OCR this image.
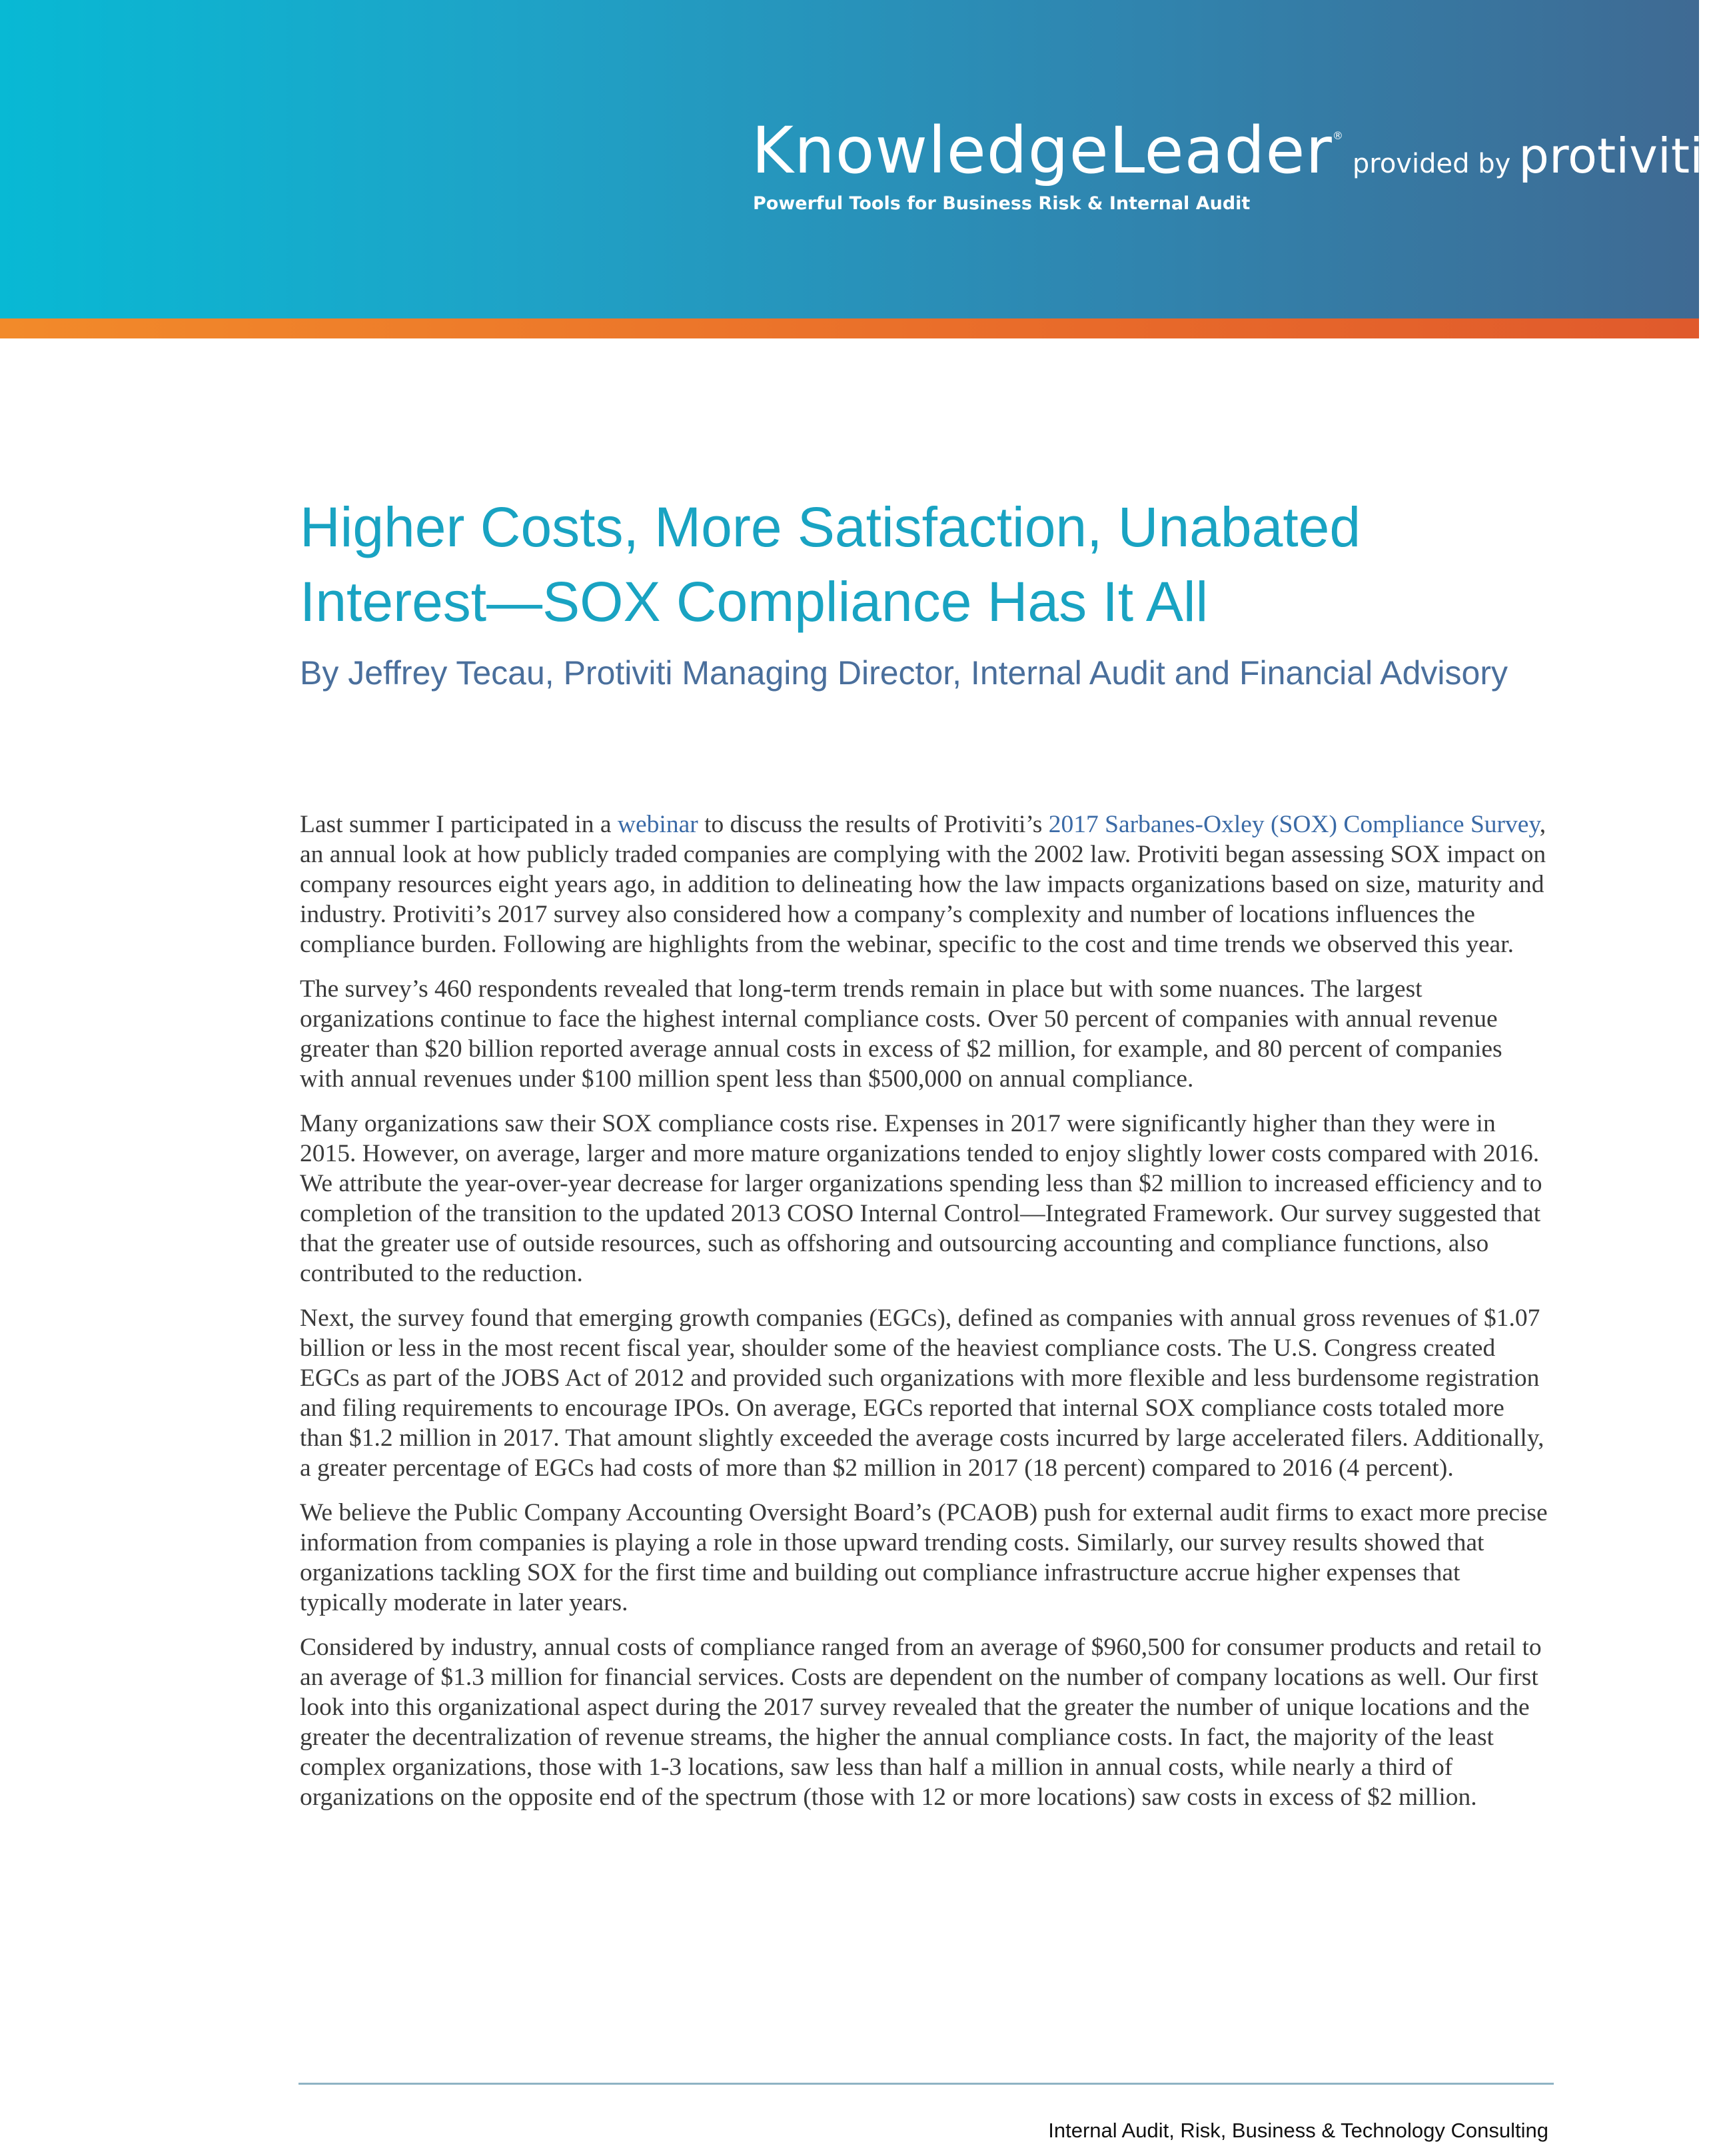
KnowledgeLeader®provided by protiviti®
Powerful Tools for Business Risk & Internal Audit
Higher Costs, More Satisfaction, Unabated
Interest—SOX Compliance Has It All
By Jeffrey Tecau, Protiviti Managing Director, Internal Audit and Financial Advisory

Last summer I participated in a webinar to discuss the results of Protiviti’s 2017 Sarbanes-Oxley (SOX) Compliance Survey, an annual look at how publicly traded companies are complying with the 2002 law. Protiviti began assessing SOX impact on company resources eight years ago, in addition to delineating how the law impacts organizations based on size, maturity and industry. Protiviti’s 2017 survey also considered how a company’s complexity and number of locations influences the compliance burden. Following are highlights from the webinar, specific to the cost and time trends we observed this year.

The survey’s 460 respondents revealed that long-term trends remain in place but with some nuances. The largest organizations continue to face the highest internal compliance costs. Over 50 percent of companies with annual revenue greater than $20 billion reported average annual costs in excess of $2 million, for example, and 80 percent of companies with annual revenues under $100 million spent less than $500,000 on annual compliance.

Many organizations saw their SOX compliance costs rise. Expenses in 2017 were significantly higher than they were in 2015. However, on average, larger and more mature organizations tended to enjoy slightly lower costs compared with 2016. We attribute the year-over-year decrease for larger organizations spending less than $2 million to increased efficiency and to completion of the transition to the updated 2013 COSO Internal Control—Integrated Framework. Our survey suggested that that the greater use of outside resources, such as offshoring and outsourcing accounting and compliance functions, also contributed to the reduction.

Next, the survey found that emerging growth companies (EGCs), defined as companies with annual gross revenues of $1.07 billion or less in the most recent fiscal year, shoulder some of the heaviest compliance costs. The U.S. Congress created EGCs as part of the JOBS Act of 2012 and provided such organizations with more flexible and less burdensome registration and filing requirements to encourage IPOs. On average, EGCs reported that internal SOX compliance costs totaled more than $1.2 million in 2017. That amount slightly exceeded the average costs incurred by large accelerated filers. Additionally, a greater percentage of EGCs had costs of more than $2 million in 2017 (18 percent) compared to 2016 (4 percent).

We believe the Public Company Accounting Oversight Board’s (PCAOB) push for external audit firms to exact more precise information from companies is playing a role in those upward trending costs. Similarly, our survey results showed that organizations tackling SOX for the first time and building out compliance infrastructure accrue higher expenses that typically moderate in later years.

Considered by industry, annual costs of compliance ranged from an average of $960,500 for consumer products and retail to an average of $1.3 million for financial services. Costs are dependent on the number of company locations as well. Our first look into this organizational aspect during the 2017 survey revealed that the greater the number of unique locations and the greater the decentralization of revenue streams, the higher the annual compliance costs. In fact, the majority of the least complex organizations, those with 1-3 locations, saw less than half a million in annual costs, while nearly a third of organizations on the opposite end of the spectrum (those with 12 or more locations) saw costs in excess of $2 million.

Internal Audit, Risk, Business & Technology Consulting
